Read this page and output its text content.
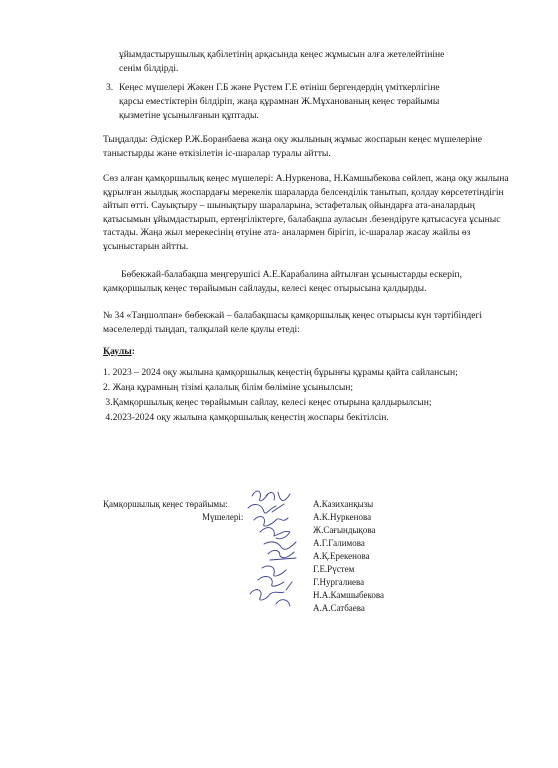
ұйымдастырушылық қабілетінің арқасында кеңес жұмысын алға жетелейтініне
сенім білдірді.
3. Кеңес мүшелері Жәкен Г.Б және Рүстем Г.Е өтініш бергендердің үміткерлігіне
қарсы еместіктерін білдіріп, жаңа құрамнан Ж.Мұханованың кеңес төрайымы
қызметіне ұсынылғанын құптады.

Тыңдалды: Әдіскер Р.Ж.Боранбаева жаңа оқу жылының жұмыс жоспарын кеңес мүшелеріне таныстырды және өткізілетін іс-шаралар туралы айтты.

Сөз алған қамқоршылық кеңес мүшелері: А.Нуркенова, Н.Камшыбекова сөйлеп, жаңа оқу жылына құрылған жылдық жоспардағы мерекелік шараларда белсенділік танытып, қолдау көрсететіндігін айтып өтті. Сауықтыру – шынықтыру шараларына, эстафеталық ойындарға ата-аналардың қатысымын ұйымдастырып, ертеңгіліктерге, балабақша ауласын .безендіруге қатысасуға ұсыныс тастады. Жаңа жыл мерекесінің өтуіне ата- аналармен бірігіп, іс-шаралар жасау жайлы өз ұсыныстарын айтты.

Бөбекжай-балабақша меңгерушісі А.Е.Карабалина айтылған ұсыныстарды ескеріп, қамқоршылық кеңес төрайымын сайлауды, келесі кеңес отырысына қалдырды.

№ 34 «Таңшолпан» бөбекжай – балабақшасы қамқоршылық кеңес отырысы күн тәртібіндегі мәселелерді тыңдап, талқылай келе қаулы етеді:

Қаулы:
1. 2023 – 2024 оқу жылына қамқоршылық кеңестің бұрынғы құрамы қайта сайлансын;
2. Жаңа құрамның тізімі қалалық білім бөліміне ұсынылсын;
3.Қамқоршылық кеңес төрайымын сайлау, келесі кеңес отырына қалдырылсын;
4.2023-2024 оқу жылына қамқоршылық кеңестің жоспары бекітілсін.
Қамқоршылық кеңес төрайымы:
Мүшелері:
А.Казиханқызы
А.К.Нуркенова
Ж.Сағындықова
А.Г.Галимова
А.Қ.Ерекенова
Г.Е.Рүстем
Г.Нургалиева
Н.А.Камшыбекова
А.А.Сатбаева
